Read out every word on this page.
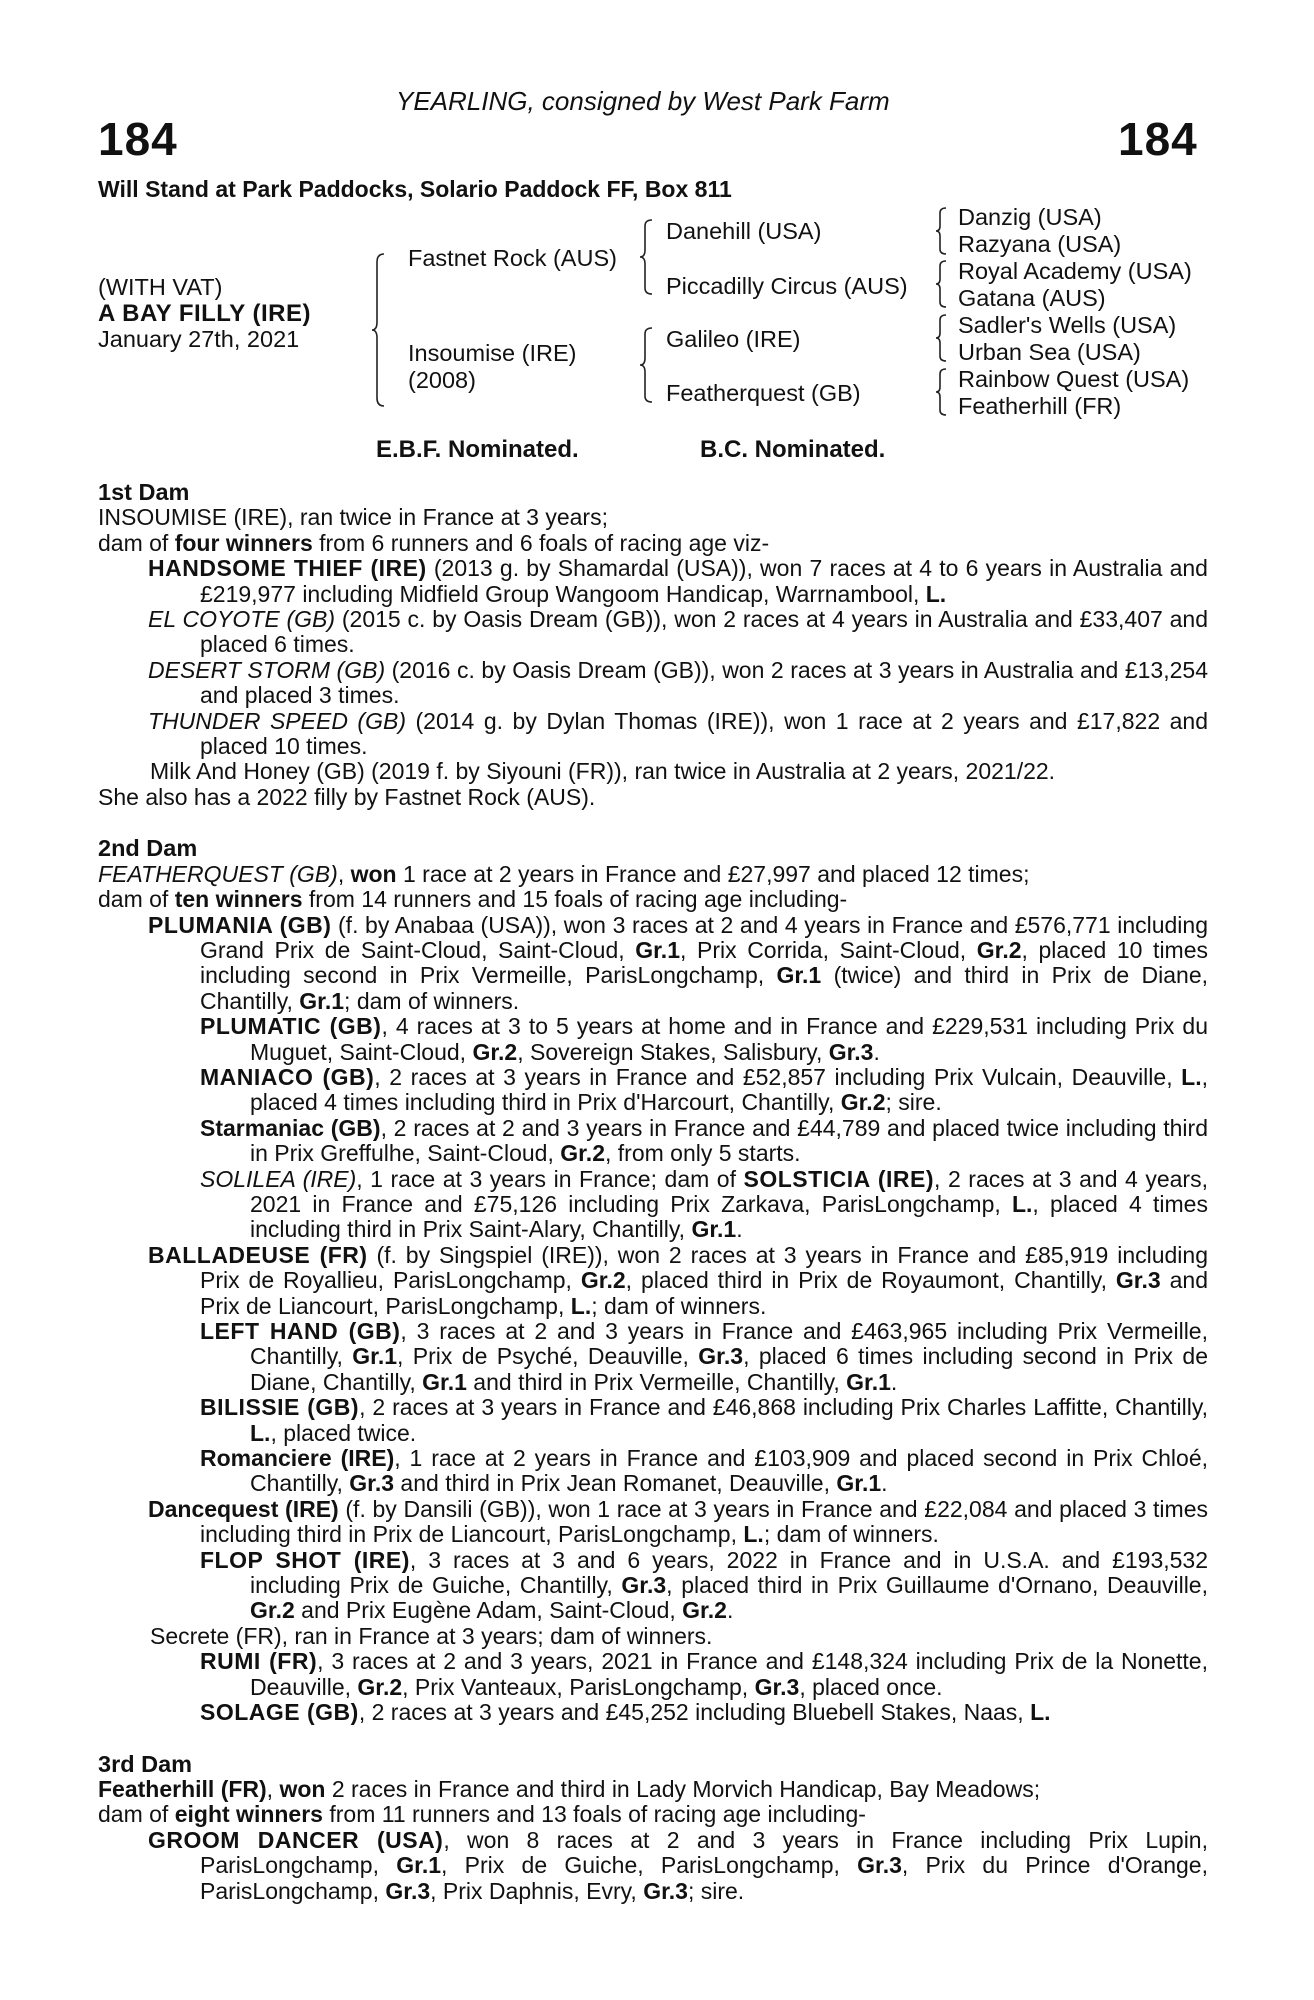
YEARLING, consigned by West Park Farm
184	184
Will Stand at Park Paddocks, Solario Paddock FF, Box 811
(WITH VAT)
A BAY FILLY (IRE)
January 27th, 2021
Fastnet Rock (AUS)
Insoumise (IRE)
(2008)
Danehill (USA)
Piccadilly Circus (AUS)
Galileo (IRE)
Featherquest (GB)
Danzig (USA)
Razyana (USA)
Royal Academy (USA)
Gatana (AUS)
Sadler's Wells (USA)
Urban Sea (USA)
Rainbow Quest (USA)
Featherhill (FR)
E.B.F. Nominated.	B.C. Nominated.

1st Dam

INSOUMISE (IRE), ran twice in France at 3 years;

dam of four winners from 6 runners and 6 foals of racing age viz-

HANDSOME THIEF (IRE) (2013 g. by Shamardal (USA)), won 7 races at 4 to 6 years in Australia and £219,977 including Midfield Group Wangoom Handicap, Warrnambool, L.

EL COYOTE (GB) (2015 c. by Oasis Dream (GB)), won 2 races at 4 years in Australia and £33,407 and placed 6 times.

DESERT STORM (GB) (2016 c. by Oasis Dream (GB)), won 2 races at 3 years in Australia and £13,254 and placed 3 times.

THUNDER SPEED (GB) (2014 g. by Dylan Thomas (IRE)), won 1 race at 2 years and £17,822 and placed 10 times.

Milk And Honey (GB) (2019 f. by Siyouni (FR)), ran twice in Australia at 2 years, 2021/22.

She also has a 2022 filly by Fastnet Rock (AUS).

2nd Dam

FEATHERQUEST (GB), won 1 race at 2 years in France and £27,997 and placed 12 times;

dam of ten winners from 14 runners and 15 foals of racing age including-

PLUMANIA (GB) (f. by Anabaa (USA)), won 3 races at 2 and 4 years in France and £576,771 including Grand Prix de Saint-Cloud, Saint-Cloud, Gr.1, Prix Corrida, Saint-Cloud, Gr.2, placed 10 times including second in Prix Vermeille, ParisLongchamp, Gr.1 (twice) and third in Prix de Diane, Chantilly, Gr.1; dam of winners.

PLUMATIC (GB), 4 races at 3 to 5 years at home and in France and £229,531 including Prix du Muguet, Saint-Cloud, Gr.2, Sovereign Stakes, Salisbury, Gr.3.

MANIACO (GB), 2 races at 3 years in France and £52,857 including Prix Vulcain, Deauville, L., placed 4 times including third in Prix d'Harcourt, Chantilly, Gr.2; sire.

Starmaniac (GB), 2 races at 2 and 3 years in France and £44,789 and placed twice including third in Prix Greffulhe, Saint-Cloud, Gr.2, from only 5 starts.

SOLILEA (IRE), 1 race at 3 years in France; dam of SOLSTICIA (IRE), 2 races at 3 and 4 years, 2021 in France and £75,126 including Prix Zarkava, ParisLongchamp, L., placed 4 times including third in Prix Saint-Alary, Chantilly, Gr.1.

BALLADEUSE (FR) (f. by Singspiel (IRE)), won 2 races at 3 years in France and £85,919 including Prix de Royallieu, ParisLongchamp, Gr.2, placed third in Prix de Royaumont, Chantilly, Gr.3 and Prix de Liancourt, ParisLongchamp, L.; dam of winners.

LEFT HAND (GB), 3 races at 2 and 3 years in France and £463,965 including Prix Vermeille, Chantilly, Gr.1, Prix de Psyché, Deauville, Gr.3, placed 6 times including second in Prix de Diane, Chantilly, Gr.1 and third in Prix Vermeille, Chantilly, Gr.1.

BILISSIE (GB), 2 races at 3 years in France and £46,868 including Prix Charles Laffitte, Chantilly, L., placed twice.

Romanciere (IRE), 1 race at 2 years in France and £103,909 and placed second in Prix Chloé, Chantilly, Gr.3 and third in Prix Jean Romanet, Deauville, Gr.1.

Dancequest (IRE) (f. by Dansili (GB)), won 1 race at 3 years in France and £22,084 and placed 3 times including third in Prix de Liancourt, ParisLongchamp, L.; dam of winners.

FLOP SHOT (IRE), 3 races at 3 and 6 years, 2022 in France and in U.S.A. and £193,532 including Prix de Guiche, Chantilly, Gr.3, placed third in Prix Guillaume d'Ornano, Deauville, Gr.2 and Prix Eugène Adam, Saint-Cloud, Gr.2.

Secrete (FR), ran in France at 3 years; dam of winners.

RUMI (FR), 3 races at 2 and 3 years, 2021 in France and £148,324 including Prix de la Nonette, Deauville, Gr.2, Prix Vanteaux, ParisLongchamp, Gr.3, placed once.

SOLAGE (GB), 2 races at 3 years and £45,252 including Bluebell Stakes, Naas, L.

3rd Dam

Featherhill (FR), won 2 races in France and third in Lady Morvich Handicap, Bay Meadows;

dam of eight winners from 11 runners and 13 foals of racing age including-

GROOM DANCER (USA), won 8 races at 2 and 3 years in France including Prix Lupin, ParisLongchamp, Gr.1, Prix de Guiche, ParisLongchamp, Gr.3, Prix du Prince d'Orange, ParisLongchamp, Gr.3, Prix Daphnis, Evry, Gr.3; sire.
